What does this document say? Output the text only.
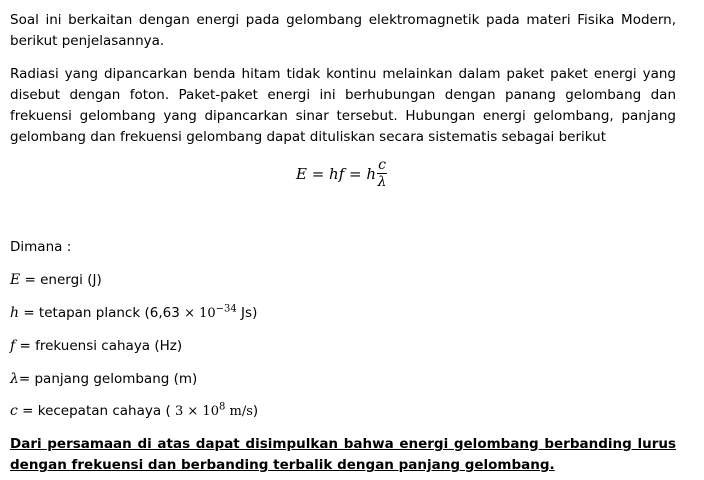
Soal ini berkaitan dengan energi pada gelombang elektromagnetik pada materi Fisika Modern, berikut penjelasannya.

Radiasi yang dipancarkan benda hitam tidak kontinu melainkan dalam paket paket energi yang disebut dengan foton. Paket-paket energi ini berhubungan dengan panang gelombang dan frekuensi gelombang yang dipancarkan sinar tersebut. Hubungan energi gelombang, panjang gelombang dan frekuensi gelombang dapat dituliskan secara sistematis sebagai berikut

E = hf = h $\frac{c}{\lambda}$
Dimana :
E = energi (J)
h = tetapan planck ($6,63 \times 10^{-34}$ Js)
f = frekuensi cahaya (Hz)
λ= panjang gelombang (m)
c = kecepatan cahaya ( $3 \times 10^8$ m/s)

Dari persamaan di atas dapat disimpulkan bahwa energi gelombang berbanding lurus dengan frekuensi dan berbanding terbalik dengan panjang gelombang.
